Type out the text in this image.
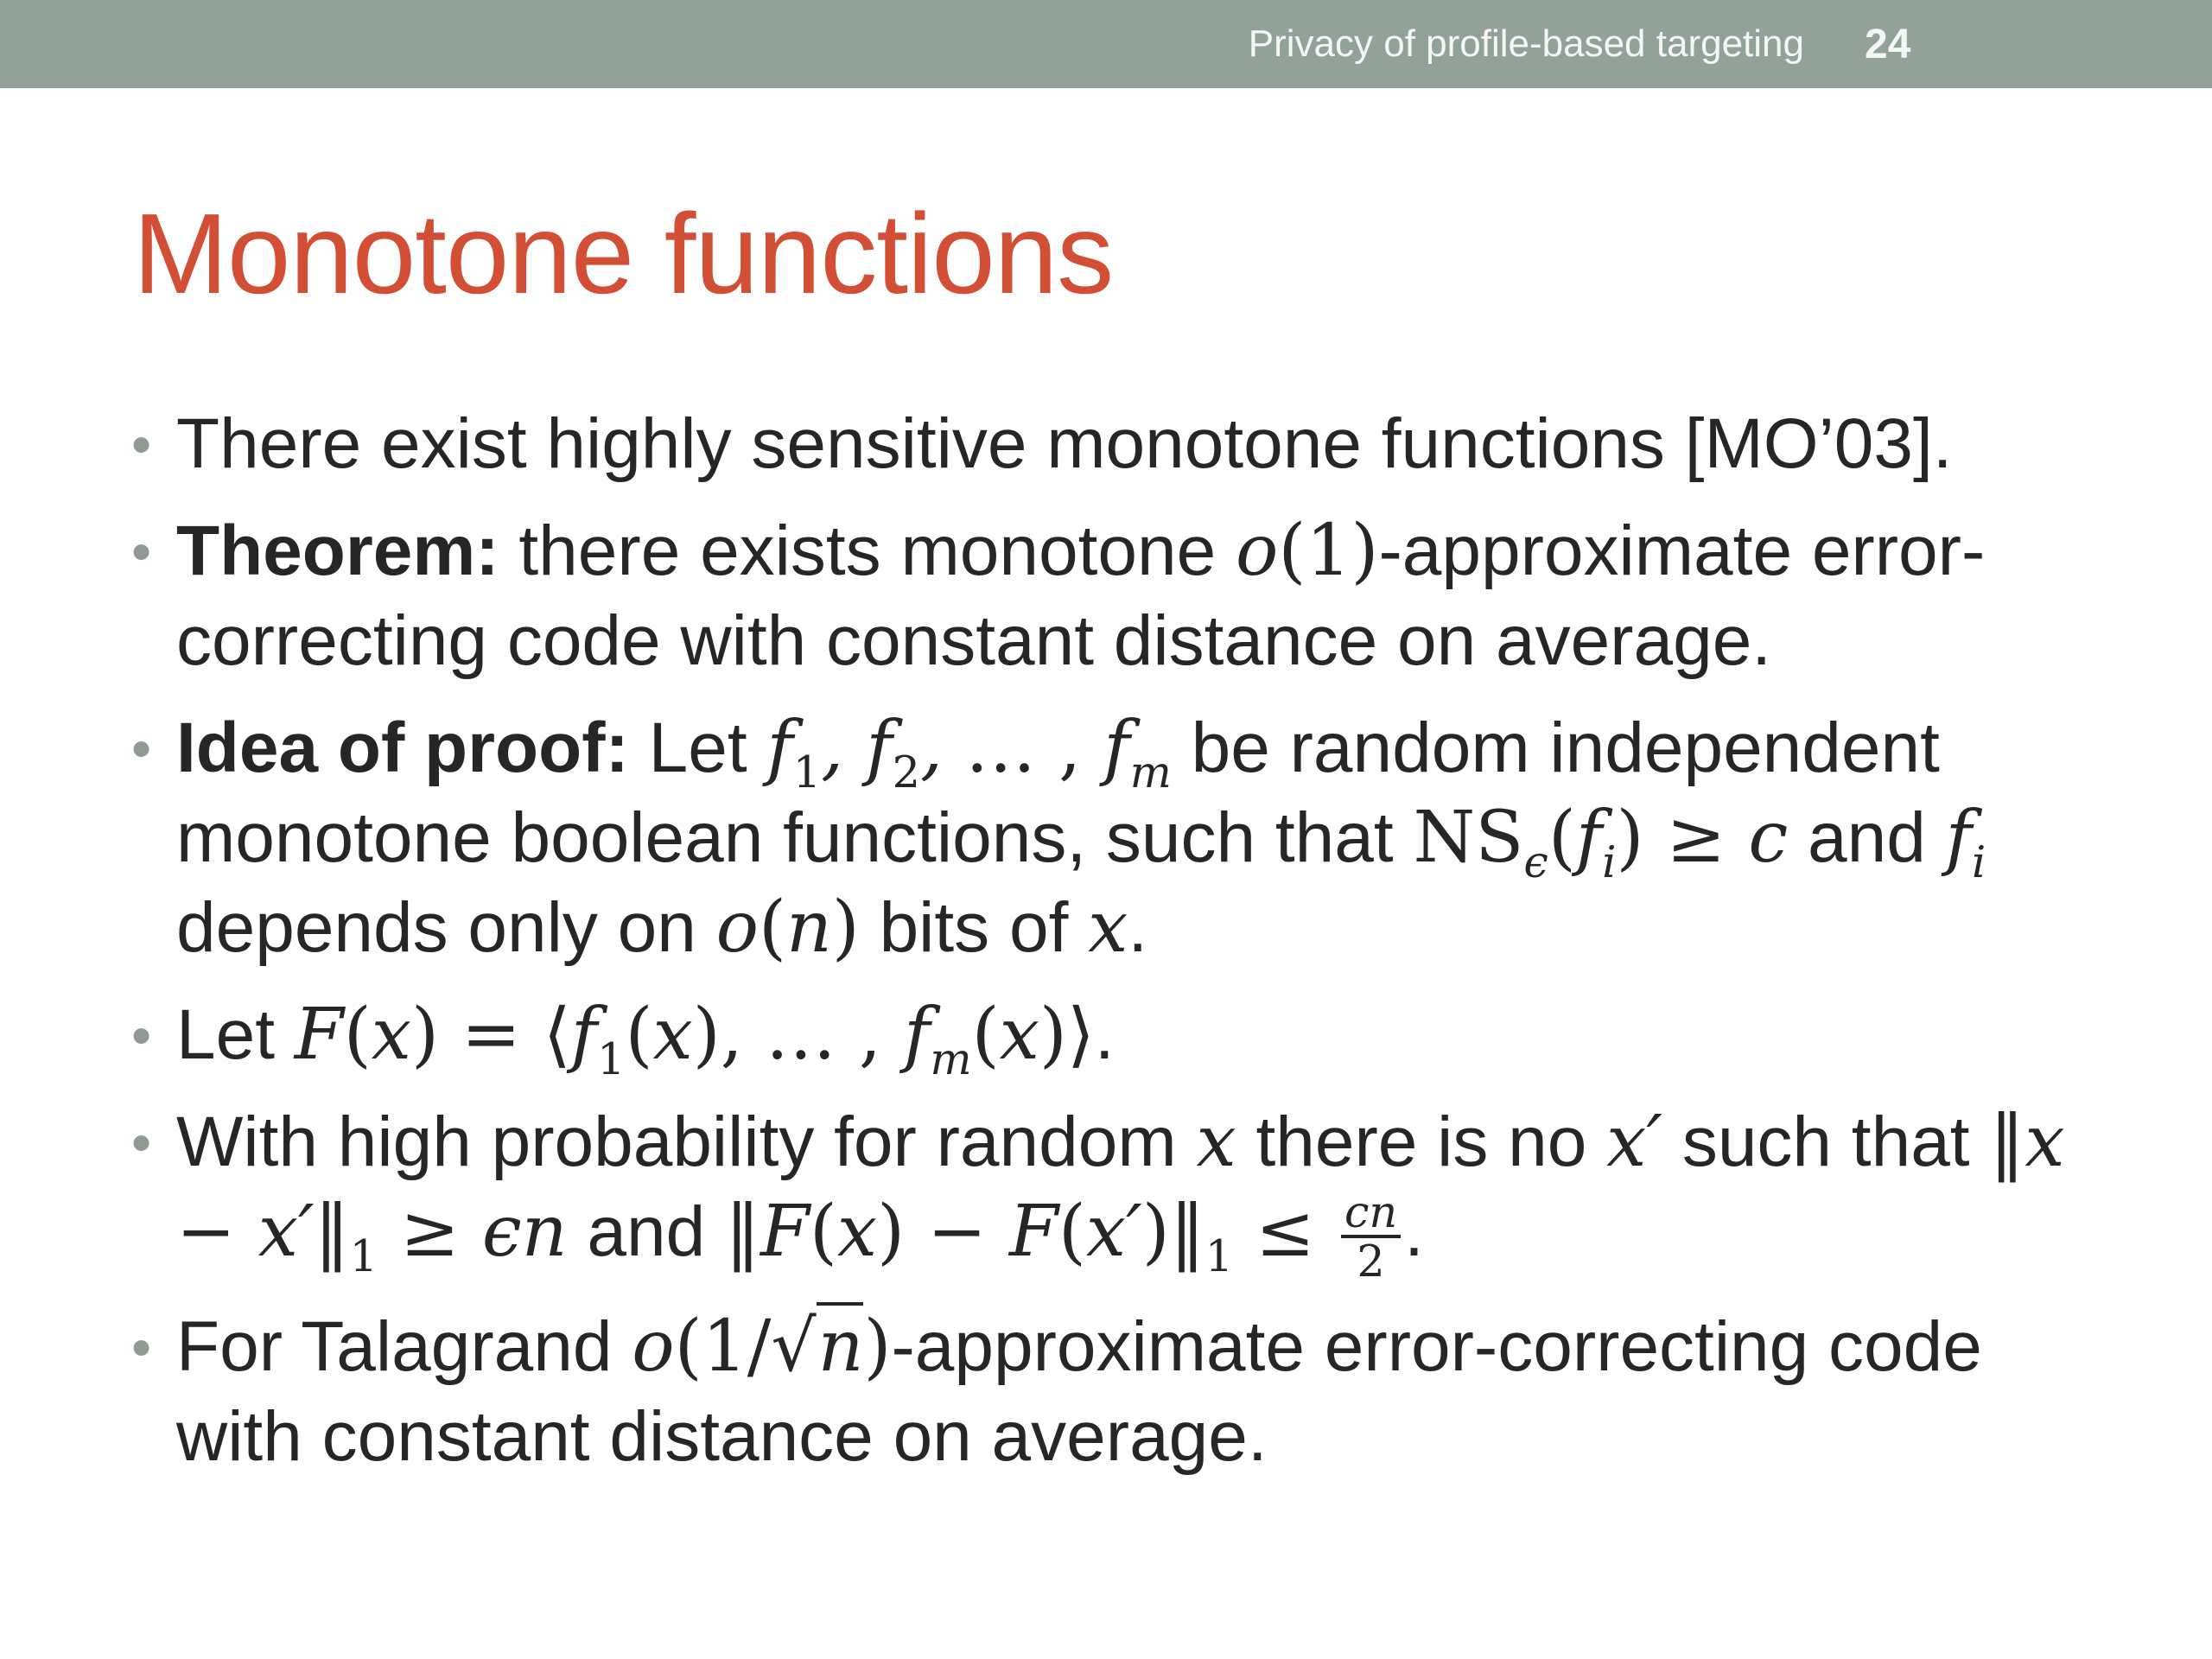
Privacy of profile-based targeting 24
Monotone functions
• There exist highly sensitive monotone functions [MO’03].
• Theorem: there exists monotone o(1)-approximate error-correcting code with constant distance on average.
• Idea of proof: Let $f_1$, $f_2$, … , $f_m$ be random independent monotone boolean functions, such that $NS_\epsilon(f_i) \ge c$ and $f_i$ depends only on o(n) bits of x.
• Let $F(x) = ⟨f_1(x)$, … , $f_m(x)⟩$.
• With high probability for random x there is no x′ such that ‖x − $x'‖_1 \ge \epsilon n$ and ‖F(x) − $F(x')‖_1 \le \frac{cn}{2}$ .
• For Talagrand o(1/√n)-approximate error-correcting code with constant distance on average.
